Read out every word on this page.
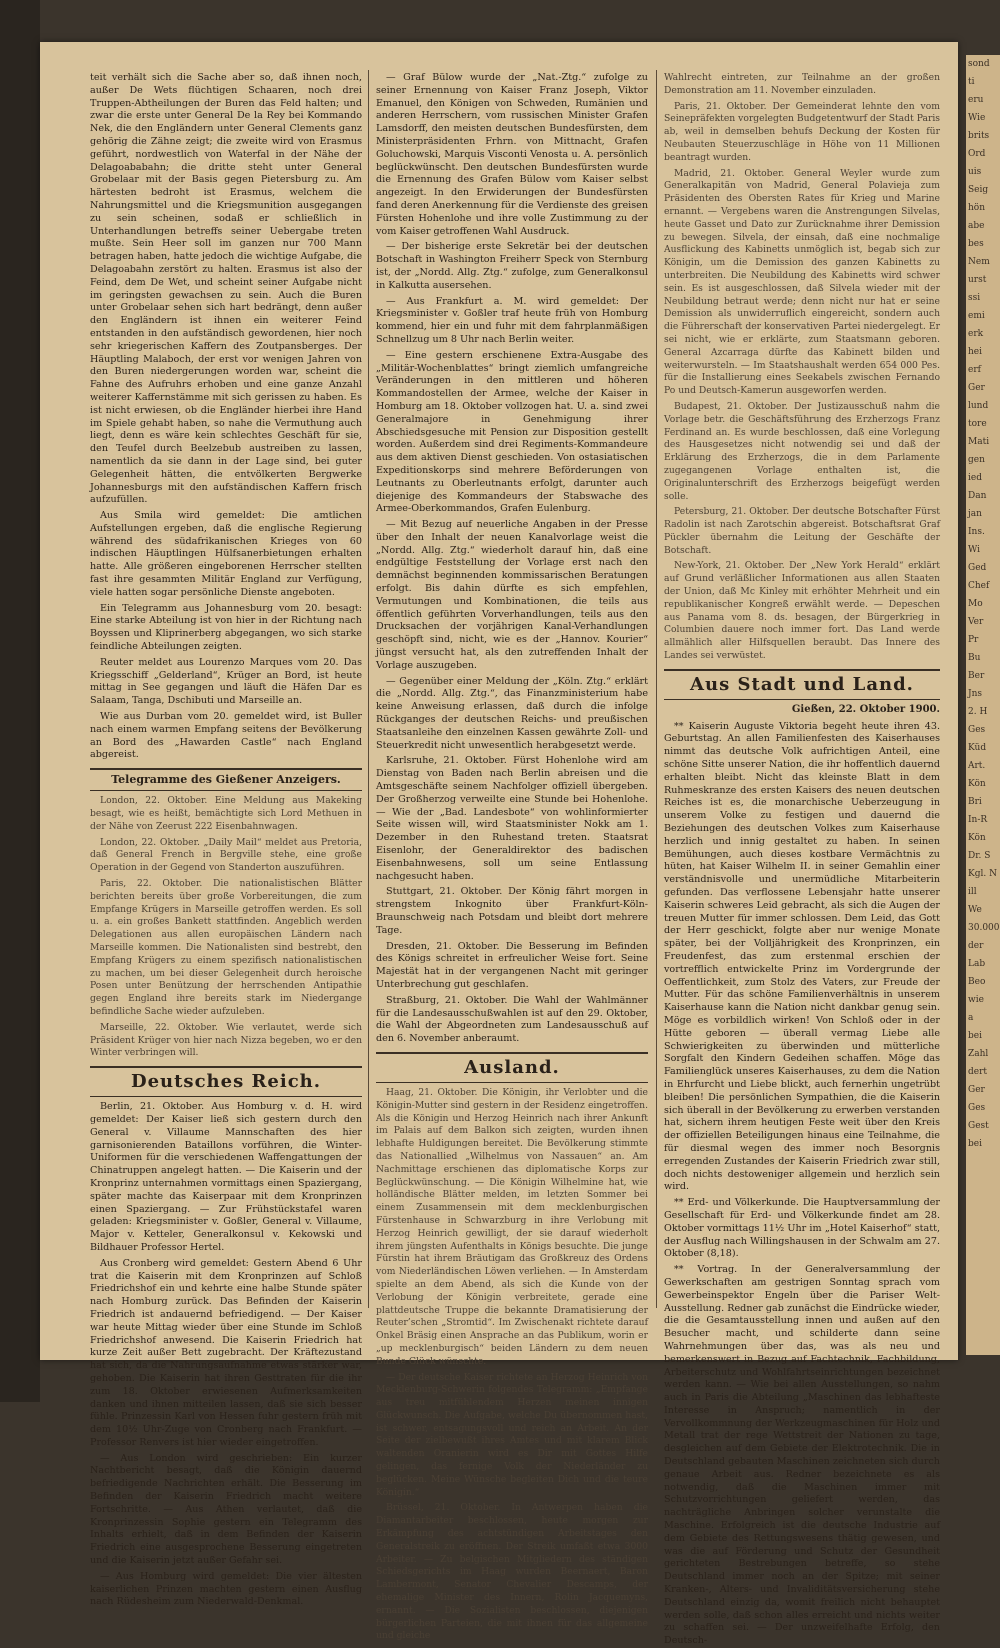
teit verhält sich die Sache aber so, daß ihnen noch, außer De Wets flüchtigen Schaaren, noch drei Truppen-Abtheilungen der Buren das Feld halten; und zwar die erste unter General De la Rey bei Kommando Nek, die den Engländern unter General Clements ganz gehörig die Zähne zeigt; die zweite wird von Erasmus geführt, nordwestlich von Waterfal in der Nähe der Delagoababahn; die dritte steht unter General Grobelaar mit der Basis gegen Pietersburg zu. Am härtesten bedroht ist Erasmus, welchem die Nahrungsmittel und die Kriegsmunition ausgegangen zu sein scheinen, sodaß er schließlich in Unterhandlungen betreffs seiner Uebergabe treten mußte. Sein Heer soll im ganzen nur 700 Mann betragen haben, hatte jedoch die wichtige Aufgabe, die Delagoabahn zerstört zu halten. Erasmus ist also der Feind, dem De Wet, und scheint seiner Aufgabe nicht im geringsten gewachsen zu sein. Auch die Buren unter Grobelaar sehen sich hart bedrängt, denn außer den Engländern ist ihnen ein weiterer Feind entstanden in den aufständisch gewordenen, hier noch sehr kriegerischen Kaffern des Zoutpansberges. Der Häuptling Malaboch, der erst vor wenigen Jahren von den Buren niedergerungen worden war, scheint die Fahne des Aufruhrs erhoben und eine ganze Anzahl weiterer Kaffernstämme mit sich gerissen zu haben. Es ist nicht erwiesen, ob die Engländer hierbei ihre Hand im Spiele gehabt haben, so nahe die Vermuthung auch liegt, denn es wäre kein schlechtes Geschäft für sie, den Teufel durch Beelzebub austreiben zu lassen, namentlich da sie dann in der Lage sind, bei guter Gelegenheit hätten, die entvölkerten Bergwerke Johannesburgs mit den aufständischen Kaffern frisch aufzufüllen.

Aus Smila wird gemeldet: Die amtlichen Aufstellungen ergeben, daß die englische Regierung während des südafrikanischen Krieges von 60 indischen Häuptlingen Hülfsanerbietungen erhalten hatte. Alle größeren eingeborenen Herrscher stellten fast ihre gesammten Militär England zur Verfügung, viele hatten sogar persönliche Dienste angeboten.

Ein Telegramm aus Johannesburg vom 20. besagt: Eine starke Abteilung ist von hier in der Richtung nach Boyssen und Kliprinerberg abgegangen, wo sich starke feindliche Abteilungen zeigten.

Reuter meldet aus Lourenzo Marques vom 20. Das Kriegsschiff „Gelderland“, Krüger an Bord, ist heute mittag in See gegangen und läuft die Häfen Dar es Salaam, Tanga, Dschibuti und Marseille an.

Wie aus Durban vom 20. gemeldet wird, ist Buller nach einem warmen Empfang seitens der Bevölkerung an Bord des „Hawarden Castle“ nach England abgereist.

Telegramme des Gießener Anzeigers.

London, 22. Oktober. Eine Meldung aus Makeking besagt, wie es heißt, bemächtigte sich Lord Methuen in der Nähe von Zeerust 222 Eisenbahnwagen.

London, 22. Oktober. „Daily Mail“ meldet aus Pretoria, daß General French in Bergville stehe, eine große Operation in der Gegend von Standerton auszuführen.

Paris, 22. Oktober. Die nationalistischen Blätter berichten bereits über große Vorbereitungen, die zum Empfange Krügers in Marseille getroffen werden. Es soll u. a. ein großes Bankett stattfinden. Angeblich werden Delegationen aus allen europäischen Ländern nach Marseille kommen. Die Nationalisten sind bestrebt, den Empfang Krügers zu einem spezifisch nationalistischen zu machen, um bei dieser Gelegenheit durch heroische Posen unter Benützung der herrschenden Antipathie gegen England ihre bereits stark im Niedergange befindliche Sache wieder aufzuleben.

Marseille, 22. Oktober. Wie verlautet, werde sich Präsident Krüger von hier nach Nizza begeben, wo er den Winter verbringen will.

Deutsches Reich.

Berlin, 21. Oktober. Aus Homburg v. d. H. wird gemeldet: Der Kaiser ließ sich gestern durch den General v. Villaume Mannschaften des hier garnisonierenden Bataillons vorführen, die Winter-Uniformen für die verschiedenen Waffengattungen der Chinatruppen angelegt hatten. — Die Kaiserin und der Kronprinz unternahmen vormittags einen Spaziergang, später machte das Kaiserpaar mit dem Kronprinzen einen Spaziergang. — Zur Frühstückstafel waren geladen: Kriegsminister v. Goßler, General v. Villaume, Major v. Ketteler, Generalkonsul v. Kekowski und Bildhauer Professor Hertel.

Aus Cronberg wird gemeldet: Gestern Abend 6 Uhr trat die Kaiserin mit dem Kronprinzen auf Schloß Friedrichshof ein und kehrte eine halbe Stunde später nach Homburg zurück. Das Befinden der Kaiserin Friedrich ist andauernd befriedigend. — Der Kaiser war heute Mittag wieder über eine Stunde im Schloß Friedrichshof anwesend. Die Kaiserin Friedrich hat kurze Zeit außer Bett zugebracht. Der Kräftezustand hat sich, da die Nahrungsaufnahme etwas stärker war, gehoben. Die Kaiserin hat ihren Gesttraten für die ihr zum 18. Oktober erwiesenen Aufmerksamkeiten danken und ihnen mitteilen lassen, daß sie sich besser fühle. Prinzessin Karl von Hessen fuhr gestern früh mit dem 10½ Uhr-Zuge von Cronberg nach Frankfurt. — Professor Renvers ist hier wieder eingetroffen.

— Aus London wird geschrieben: Ein kurzer Nachtbericht besagt, daß die Königin dauernd befriedigende Nachrichten erhält. Die Besserung im Befinden der Kaiserin Friedrich macht weitere Fortschritte. — Aus Athen verlautet, daß die Kronprinzessin Sophie gestern ein Telegramm des Inhalts erhielt, daß in dem Befinden der Kaiserin Friedrich eine ausgesprochene Besserung eingetreten und die Kaiserin jetzt außer Gefahr sei.

— Aus Homburg wird gemeldet: Die vier ältesten kaiserlichen Prinzen machten gestern einen Ausflug nach Rüdesheim zum Niederwald-Denkmal.

— Graf Bülow wurde der „Nat.-Ztg.“ zufolge zu seiner Ernennung von Kaiser Franz Joseph, Viktor Emanuel, den Königen von Schweden, Rumänien und anderen Herrschern, vom russischen Minister Grafen Lamsdorff, den meisten deutschen Bundesfürsten, dem Ministerpräsidenten Frhrn. von Mittnacht, Grafen Goluchowski, Marquis Visconti Venosta u. A. persönlich beglückwünscht. Den deutschen Bundesfürsten wurde die Ernennung des Grafen Bülow vom Kaiser selbst angezeigt. In den Erwiderungen der Bundesfürsten fand deren Anerkennung für die Verdienste des greisen Fürsten Hohenlohe und ihre volle Zustimmung zu der vom Kaiser getroffenen Wahl Ausdruck.

— Der bisherige erste Sekretär bei der deutschen Botschaft in Washington Freiherr Speck von Sternburg ist, der „Nordd. Allg. Ztg.“ zufolge, zum Generalkonsul in Kalkutta ausersehen.

— Aus Frankfurt a. M. wird gemeldet: Der Kriegsminister v. Goßler traf heute früh von Homburg kommend, hier ein und fuhr mit dem fahrplanmäßigen Schnellzug um 8 Uhr nach Berlin weiter.

— Eine gestern erschienene Extra-Ausgabe des „Militär-Wochenblattes“ bringt ziemlich umfangreiche Veränderungen in den mittleren und höheren Kommandostellen der Armee, welche der Kaiser in Homburg am 18. Oktober vollzogen hat. U. a. sind zwei Generalmajore in Genehmigung ihrer Abschiedsgesuche mit Pension zur Disposition gestellt worden. Außerdem sind drei Regiments-Kommandeure aus dem aktiven Dienst geschieden. Von ostasiatischen Expeditionskorps sind mehrere Beförderungen von Leutnants zu Oberleutnants erfolgt, darunter auch diejenige des Kommandeurs der Stabswache des Armee-Oberkommandos, Grafen Eulenburg.

— Mit Bezug auf neuerliche Angaben in der Presse über den Inhalt der neuen Kanalvorlage weist die „Nordd. Allg. Ztg.“ wiederholt darauf hin, daß eine endgültige Feststellung der Vorlage erst nach den demnächst beginnenden kommissarischen Beratungen erfolgt. Bis dahin dürfte es sich empfehlen, Vermutungen und Kombinationen, die teils aus öffentlich geführten Vorverhandlungen, teils aus den Drucksachen der vorjährigen Kanal-Verhandlungen geschöpft sind, nicht, wie es der „Hannov. Kourier“ jüngst versucht hat, als den zutreffenden Inhalt der Vorlage auszugeben.

— Gegenüber einer Meldung der „Köln. Ztg.“ erklärt die „Nordd. Allg. Ztg.“, das Finanzministerium habe keine Anweisung erlassen, daß durch die infolge Rückganges der deutschen Reichs- und preußischen Staatsanleihe den einzelnen Kassen gewährte Zoll- und Steuerkredit nicht unwesentlich herabgesetzt werde.

Karlsruhe, 21. Oktober. Fürst Hohenlohe wird am Dienstag von Baden nach Berlin abreisen und die Amtsgeschäfte seinem Nachfolger offiziell übergeben. Der Großherzog verweilte eine Stunde bei Hohenlohe. — Wie der „Bad. Landesbote“ von wohlinformierter Seite wissen will, wird Staatsminister Nokk am 1. Dezember in den Ruhestand treten. Staatsrat Eisenlohr, der Generaldirektor des badischen Eisenbahnwesens, soll um seine Entlassung nachgesucht haben.

Stuttgart, 21. Oktober. Der König fährt morgen in strengstem Inkognito über Frankfurt-Köln-Braunschweig nach Potsdam und bleibt dort mehrere Tage.

Dresden, 21. Oktober. Die Besserung im Befinden des Königs schreitet in erfreulicher Weise fort. Seine Majestät hat in der vergangenen Nacht mit geringer Unterbrechung gut geschlafen.

Straßburg, 21. Oktober. Die Wahl der Wahlmänner für die Landesausschußwahlen ist auf den 29. Oktober, die Wahl der Abgeordneten zum Landesausschuß auf den 6. November anberaumt.

Ausland.

Haag, 21. Oktober. Die Königin, ihr Verlobter und die Königin-Mutter sind gestern in der Residenz eingetroffen. Als die Königin und Herzog Heinrich nach ihrer Ankunft im Palais auf dem Balkon sich zeigten, wurden ihnen lebhafte Huldigungen bereitet. Die Bevölkerung stimmte das Nationallied „Wilhelmus von Nassauen“ an. Am Nachmittage erschienen das diplomatische Korps zur Beglückwünschung. — Die Königin Wilhelmine hat, wie holländische Blätter melden, im letzten Sommer bei einem Zusammensein mit dem mecklenburgischen Fürstenhause in Schwarzburg in ihre Verlobung mit Herzog Heinrich gewilligt, der sie darauf wiederholt ihrem jüngsten Aufenthalts in Königs besuchte. Die junge Fürstin hat ihrem Bräutigam das Großkreuz des Ordens vom Niederländischen Löwen verliehen. — In Amsterdam spielte an dem Abend, als sich die Kunde von der Verlobung der Königin verbreitete, gerade eine plattdeutsche Truppe die bekannte Dramatisierung der Reuter’schen „Stromtid“. Im Zwischenakt richtete darauf Onkel Bräsig einen Ansprache an das Publikum, worin er „up mecklenburgisch“ beiden Ländern zu dem neuen Bunde Glück wünschte.

— Der deutsche Kaiser richtete an Herzog Heinrich von Mecklenburg-Schwerin folgendes Telegramm: „Empfange aus treu mitfühlendem Herzen meinen innigen Glückwunsch. Die Aufgabe, welche Du übernommen hast, ist schwer, entsagungsvoll und reich an Arbeit. An der Seite der zielbewußt ihres Amtes und mit klarem Blick waltenden Oranierin wird es Dir mit Gottes Hilfe gelingen, das fernige Volk der Niederländer zu beglücken. Meine Wünsche begleiten Dich und die teure Königin.“

Brüssel, 21. Oktober. In Antwerpen haben die Diamantarbeiter beschlossen, heute morgen zur Erkämpfung des achtstündigen Arbeitstages den Generalstreik zu eröffnen. Der Streik umfaßt etwa 3000 Arbeiter. — Zu belgischen Mitgliedern des ständigen Schiedsgerichts im Haag wurden Beernaert, Baron Lambermont, Senator Chevalier Descamps, der ehemalige Minister des Innern, Rolin Jacquemyns, ernannt. — Die Sozialisten beschlossen, diejenigen bürgerlichen Parteien, die mit ihnen für das allgemeine und gleiche

Wahlrecht eintreten, zur Teilnahme an der großen Demonstration am 11. November einzuladen.

Paris, 21. Oktober. Der Gemeinderat lehnte den vom Seinepräfekten vorgelegten Budgetentwurf der Stadt Paris ab, weil in demselben behufs Deckung der Kosten für Neubauten Steuerzuschläge in Höhe von 11 Millionen beantragt wurden.

Madrid, 21. Oktober. General Weyler wurde zum Generalkapitän von Madrid, General Polavieja zum Präsidenten des Obersten Rates für Krieg und Marine ernannt. — Vergebens waren die Anstrengungen Silvelas, heute Gasset und Dato zur Zurücknahme ihrer Demission zu bewegen. Silvela, der einsah, daß eine nochmalige Ausflickung des Kabinetts unmöglich ist, begab sich zur Königin, um die Demission des ganzen Kabinetts zu unterbreiten. Die Neubildung des Kabinetts wird schwer sein. Es ist ausgeschlossen, daß Silvela wieder mit der Neubildung betraut werde; denn nicht nur hat er seine Demission als unwiderruflich eingereicht, sondern auch die Führerschaft der konservativen Partei niedergelegt. Er sei nicht, wie er erklärte, zum Staatsmann geboren. General Azcarraga dürfte das Kabinett bilden und weiterwursteln. — Im Staatshaushalt werden 654 000 Pes. für die Installierung eines Seekabels zwischen Fernando Po und Deutsch-Kamerun ausgeworfen werden.

Budapest, 21. Oktober. Der Justizausschuß nahm die Vorlage betr. die Geschäftsführung des Erzherzogs Franz Ferdinand an. Es wurde beschlossen, daß eine Vorlegung des Hausgesetzes nicht notwendig sei und daß der Erklärung des Erzherzogs, die in dem Parlamente zugegangenen Vorlage enthalten ist, die Originalunterschrift des Erzherzogs beigefügt werden solle.

Petersburg, 21. Oktober. Der deutsche Botschafter Fürst Radolin ist nach Zarotschin abgereist. Botschaftsrat Graf Pückler übernahm die Leitung der Geschäfte der Botschaft.

New-York, 21. Oktober. Der „New York Herald“ erklärt auf Grund verläßlicher Informationen aus allen Staaten der Union, daß Mc Kinley mit erhöhter Mehrheit und ein republikanischer Kongreß erwählt werde. — Depeschen aus Panama vom 8. ds. besagen, der Bürgerkrieg in Columbien dauere noch immer fort. Das Land werde allmählich aller Hilfsquellen beraubt. Das Innere des Landes sei verwüstet.

Aus Stadt und Land.
Gießen, 22. Oktober 1900.

** Kaiserin Auguste Viktoria begeht heute ihren 43. Geburtstag. An allen Familienfesten des Kaiserhauses nimmt das deutsche Volk aufrichtigen Anteil, eine schöne Sitte unserer Nation, die ihr hoffentlich dauernd erhalten bleibt. Nicht das kleinste Blatt in dem Ruhmeskranze des ersten Kaisers des neuen deutschen Reiches ist es, die monarchische Ueberzeugung in unserem Volke zu festigen und dauernd die Beziehungen des deutschen Volkes zum Kaiserhause herzlich und innig gestaltet zu haben. In seinen Bemühungen, auch dieses kostbare Vermächtnis zu hüten, hat Kaiser Wilhelm II. in seiner Gemahlin einer verständnisvolle und unermüdliche Mitarbeiterin gefunden. Das verflossene Lebensjahr hatte unserer Kaiserin schweres Leid gebracht, als sich die Augen der treuen Mutter für immer schlossen. Dem Leid, das Gott der Herr geschickt, folgte aber nur wenige Monate später, bei der Volljährigkeit des Kronprinzen, ein Freudenfest, das zum erstenmal erschien der vortrefflich entwickelte Prinz im Vordergrunde der Oeffentlichkeit, zum Stolz des Vaters, zur Freude der Mutter. Für das schöne Familienverhältnis in unserem Kaiserhause kann die Nation nicht dankbar genug sein. Möge es vorbildlich wirken! Von Schloß oder in der Hütte geboren — überall vermag Liebe alle Schwierigkeiten zu überwinden und mütterliche Sorgfalt den Kindern Gedeihen schaffen. Möge das Familienglück unseres Kaiserhauses, zu dem die Nation in Ehrfurcht und Liebe blickt, auch fernerhin ungetrübt bleiben! Die persönlichen Sympathien, die die Kaiserin sich überall in der Bevölkerung zu erwerben verstanden hat, sichern ihrem heutigen Feste weit über den Kreis der offiziellen Beteiligungen hinaus eine Teilnahme, die für diesmal wegen des immer noch Besorgnis erregenden Zustandes der Kaiserin Friedrich zwar still, doch nichts destoweniger allgemein und herzlich sein wird.

** Erd- und Völkerkunde. Die Hauptversammlung der Gesellschaft für Erd- und Völkerkunde findet am 28. Oktober vormittags 11½ Uhr im „Hotel Kaiserhof“ statt, der Ausflug nach Willingshausen in der Schwalm am 27. Oktober (8,18).

** Vortrag. In der Generalversammlung der Gewerkschaften am gestrigen Sonntag sprach vom Gewerbeinspektor Engeln über die Pariser Welt-Ausstellung. Redner gab zunächst die Eindrücke wieder, die die Gesamtausstellung innen und außen auf den Besucher macht, und schilderte dann seine Wahrnehmungen über das, was als neu und bemerkenswert in Bezug auf Fachtechnik, Fachbildung, Arbeiterschutz und Wohlfahrtseinrichtungen bezeichnet werden kann. — Wie bei allen Ausstellungen, so nahm auch in Paris die Abteilung „Maschinen das lebhafteste Interesse in Anspruch; namentlich in der Vervollkommnung der Werkzeugmaschinen für Holz und Metall trat der rege Wettstreit der Nationen zu tage, desgleichen auf dem Gebiete der Elektrotechnik. Die in Deutschland gebauten Maschinen zeichneten sich durch genaue Arbeit aus. Redner bezeichnete es als notwendig, daß die Maschinen immer mit Schutzvorrichtungen geliefert werden, das nachträgliche Anbringen solcher verunstalte die Maschine. Erfolgreich ist die deutsche Industrie auf dem Gebiete des Rettungswesens thätig gewesen, und was die auf Förderung und Schutz der Gesundheit gerichteten Bestrebungen betreffe, so stehe Deutschland immer noch an der Spitze; mit seiner Kranken-, Alters- und Invaliditätsversicherung stehe Deutschland einzig da, womit freilich nicht behauptet werden solle, daß schon alles erreicht und nichts weiter zu schaffen sei. — Der unzweifelhafte Erfolg, den Deutsch-

sond
ti
eru
Wie
brits
Ord
uis
Seig
hön
abe
bes
Nem
urst
ssi
emi
erk
hei
erf
Ger
lund
tore
Mati
gen
ied
Dan
jan
Ins.
Wi
Ged
Chef
Mo
Ver
Pr
Bu
Ber
Jns
2. H
Ges
Küd
Art.
Kön
Bri
In-R
Kön
Dr. S
Kgl. N
ill
We
30.000
der
Lab
Beo
wie
a
bei
Zahl
dert
Ger
Ges
Gest
bei
